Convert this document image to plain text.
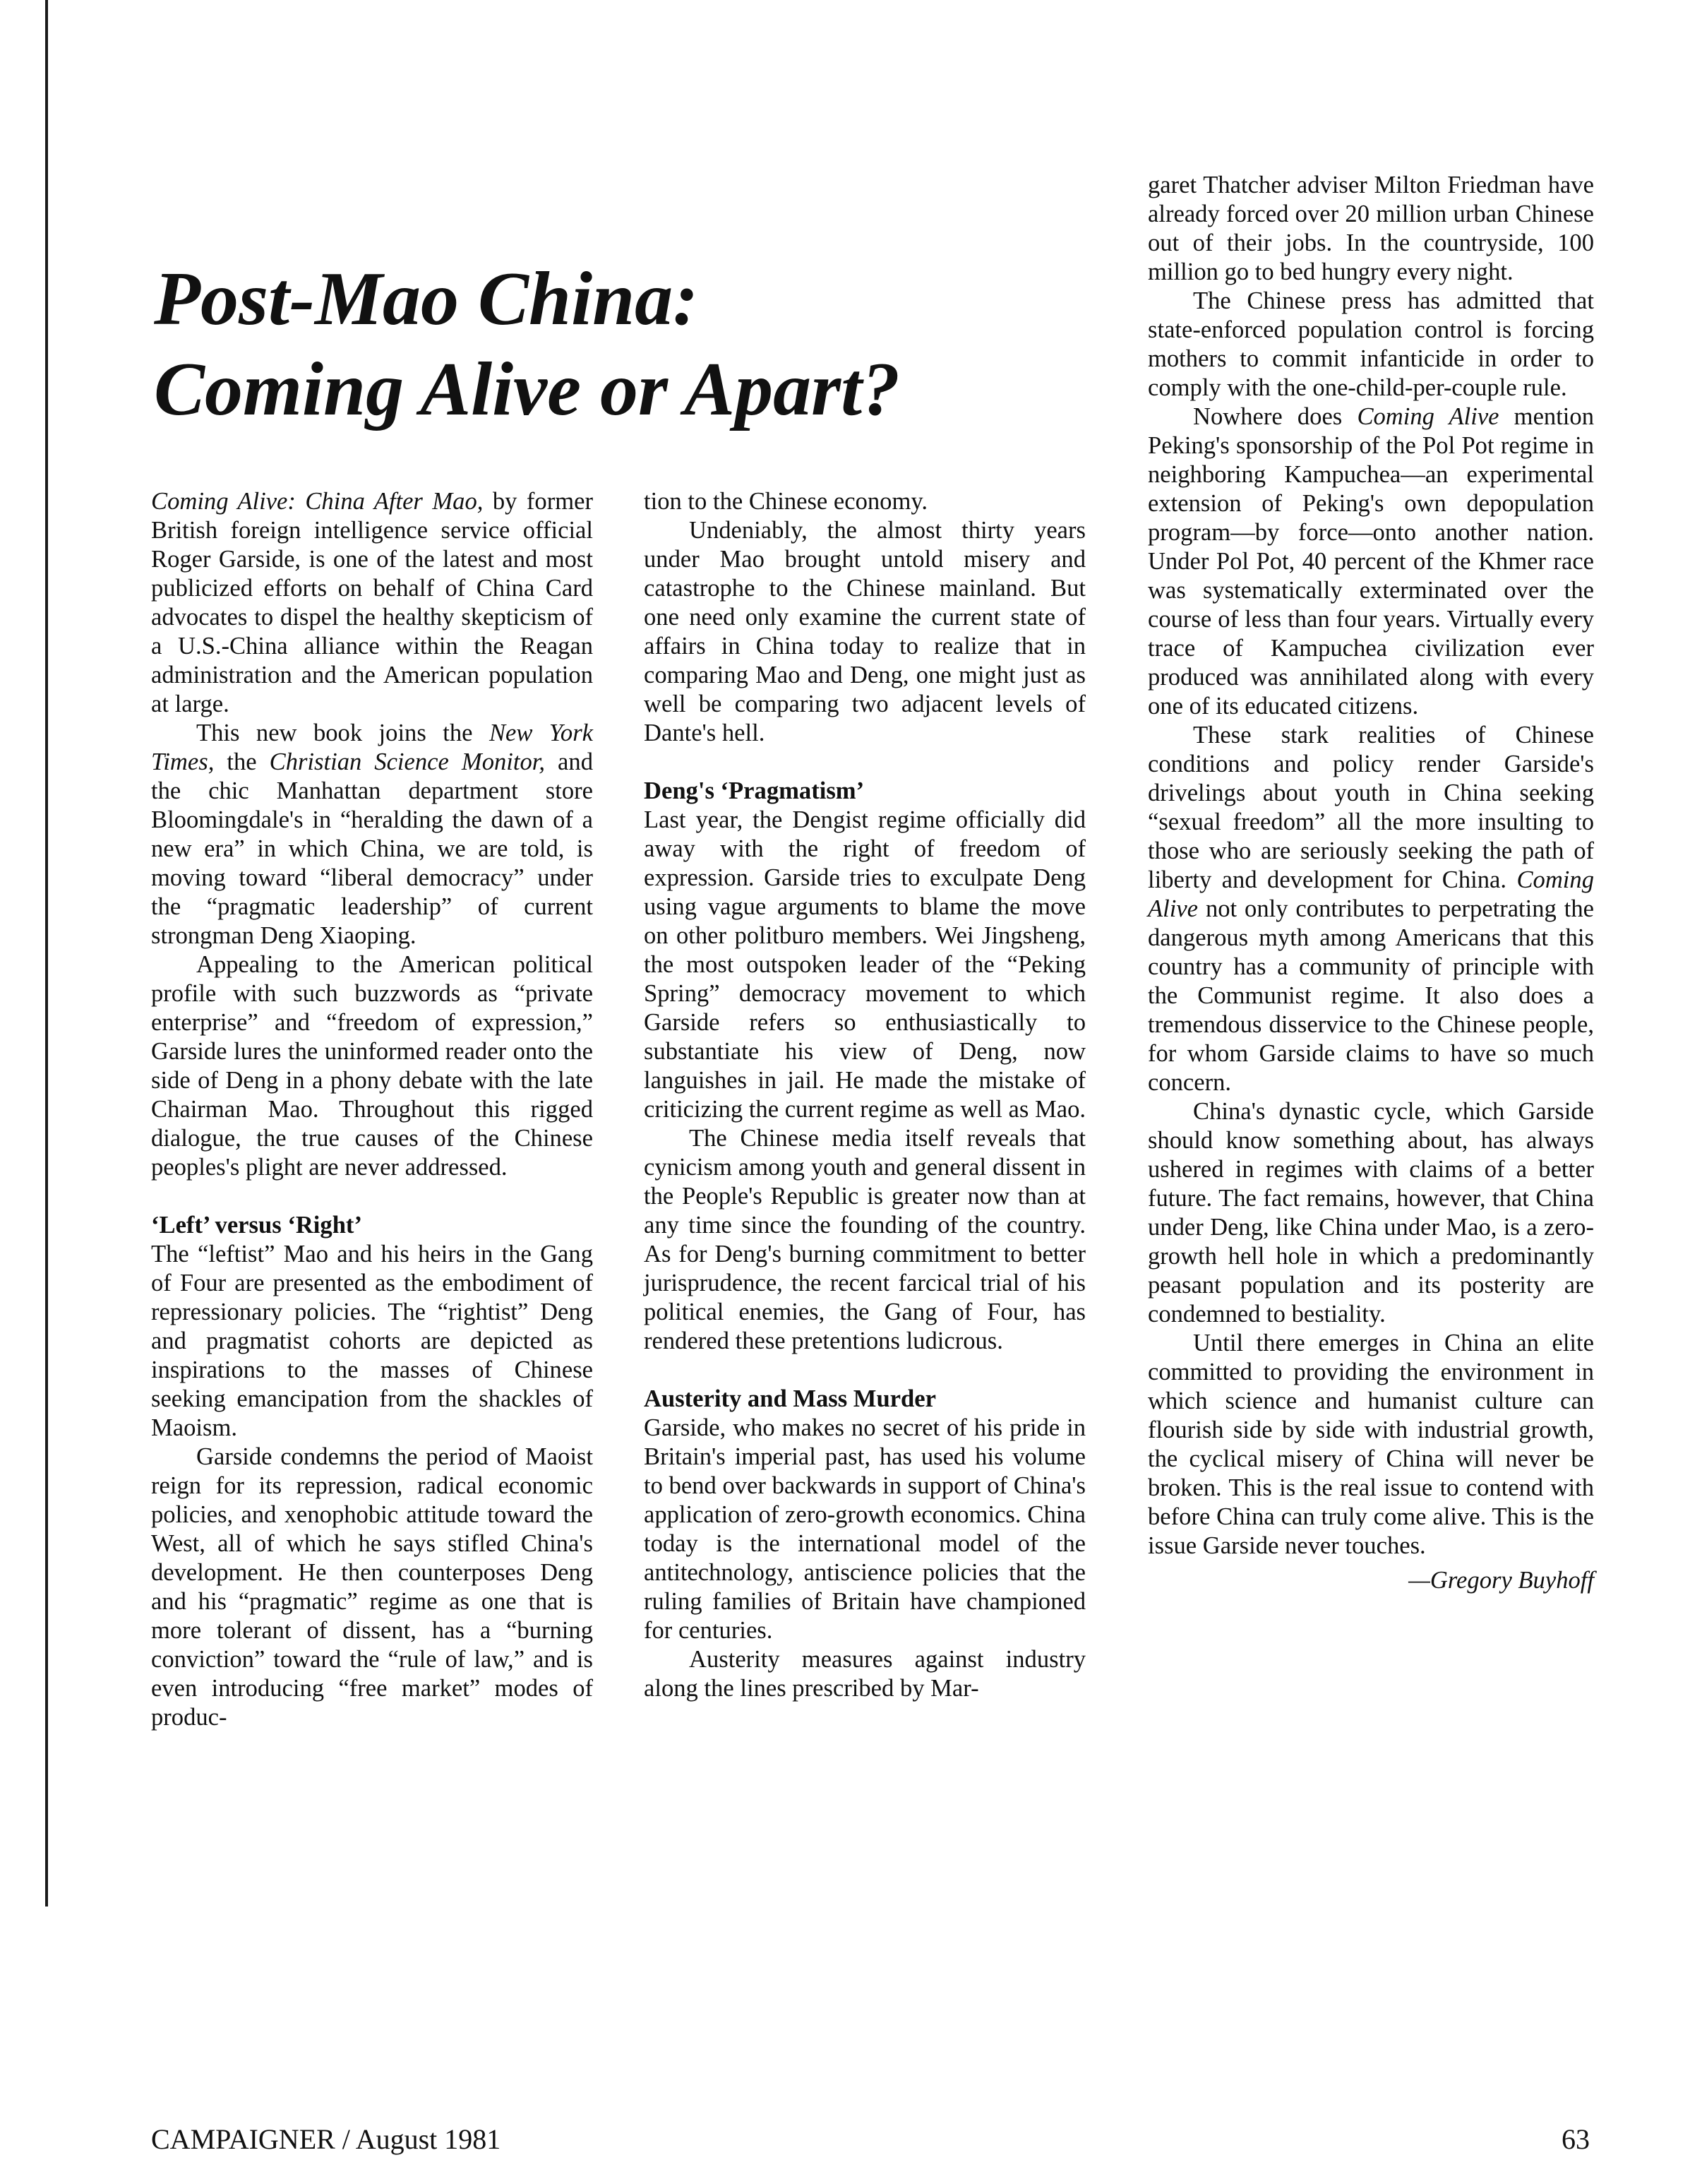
Post-Mao China:
Coming Alive or Apart?

Coming Alive: China After Mao, by former British foreign intelligence service official Roger Garside, is one of the latest and most publicized efforts on behalf of China Card advocates to dispel the healthy skepticism of a U.S.-China alliance within the Reagan administration and the American population at large.

This new book joins the New York Times, the Christian Science Monitor, and the chic Manhattan department store Bloomingdale's in “heralding the dawn of a new era” in which China, we are told, is moving toward “liberal democracy” under the “pragmatic leadership” of current strongman Deng Xiaoping.

Appealing to the American political profile with such buzzwords as “private enterprise” and “freedom of expression,” Garside lures the uninformed reader onto the side of Deng in a phony debate with the late Chairman Mao. Throughout this rigged dialogue, the true causes of the Chinese peoples's plight are never addressed.

‘Left’ versus ‘Right’

The “leftist” Mao and his heirs in the Gang of Four are presented as the embodiment of repressionary policies. The “rightist” Deng and pragmatist cohorts are depicted as inspirations to the masses of Chinese seeking emancipation from the shackles of Maoism.

Garside condemns the period of Maoist reign for its repression, radical economic policies, and xenophobic attitude toward the West, all of which he says stifled China's development. He then counterposes Deng and his “pragmatic” regime as one that is more tolerant of dissent, has a “burning conviction” toward the “rule of law,” and is even introducing “free market” modes of produc-

tion to the Chinese economy.

Undeniably, the almost thirty years under Mao brought untold misery and catastrophe to the Chinese mainland. But one need only examine the current state of affairs in China today to realize that in comparing Mao and Deng, one might just as well be comparing two adjacent levels of Dante's hell.

Deng's ‘Pragmatism’

Last year, the Dengist regime officially did away with the right of freedom of expression. Garside tries to exculpate Deng using vague arguments to blame the move on other politburo members. Wei Jingsheng, the most outspoken leader of the “Peking Spring” democracy movement to which Garside refers so enthusiastically to substantiate his view of Deng, now languishes in jail. He made the mistake of criticizing the current regime as well as Mao.

The Chinese media itself reveals that cynicism among youth and general dissent in the People's Republic is greater now than at any time since the founding of the country. As for Deng's burning commitment to better jurisprudence, the recent farcical trial of his political enemies, the Gang of Four, has rendered these pretentions ludicrous.

Austerity and Mass Murder

Garside, who makes no secret of his pride in Britain's imperial past, has used his volume to bend over backwards in support of China's application of zero-growth economics. China today is the international model of the antitechnology, antiscience policies that the ruling families of Britain have championed for centuries.

Austerity measures against industry along the lines prescribed by Mar-

garet Thatcher adviser Milton Friedman have already forced over 20 million urban Chinese out of their jobs. In the countryside, 100 million go to bed hungry every night.

The Chinese press has admitted that state-enforced population control is forcing mothers to commit infanticide in order to comply with the one-child-per-couple rule.

Nowhere does Coming Alive mention Peking's sponsorship of the Pol Pot regime in neighboring Kampuchea—an experimental extension of Peking's own depopulation program—by force—onto another nation. Under Pol Pot, 40 percent of the Khmer race was systematically exterminated over the course of less than four years. Virtually every trace of Kampuchea civilization ever produced was annihilated along with every one of its educated citizens.

These stark realities of Chinese conditions and policy render Garside's drivelings about youth in China seeking “sexual freedom” all the more insulting to those who are seriously seeking the path of liberty and development for China. Coming Alive not only contributes to perpetrating the dangerous myth among Americans that this country has a community of principle with the Communist regime. It also does a tremendous disservice to the Chinese people, for whom Garside claims to have so much concern.

China's dynastic cycle, which Garside should know something about, has always ushered in regimes with claims of a better future. The fact remains, however, that China under Deng, like China under Mao, is a zero-growth hell hole in which a predominantly peasant population and its posterity are condemned to bestiality.

Until there emerges in China an elite committed to providing the environment in which science and humanist culture can flourish side by side with industrial growth, the cyclical misery of China will never be broken. This is the real issue to contend with before China can truly come alive. This is the issue Garside never touches.

—Gregory Buyhoff
CAMPAIGNER / August 1981	63
